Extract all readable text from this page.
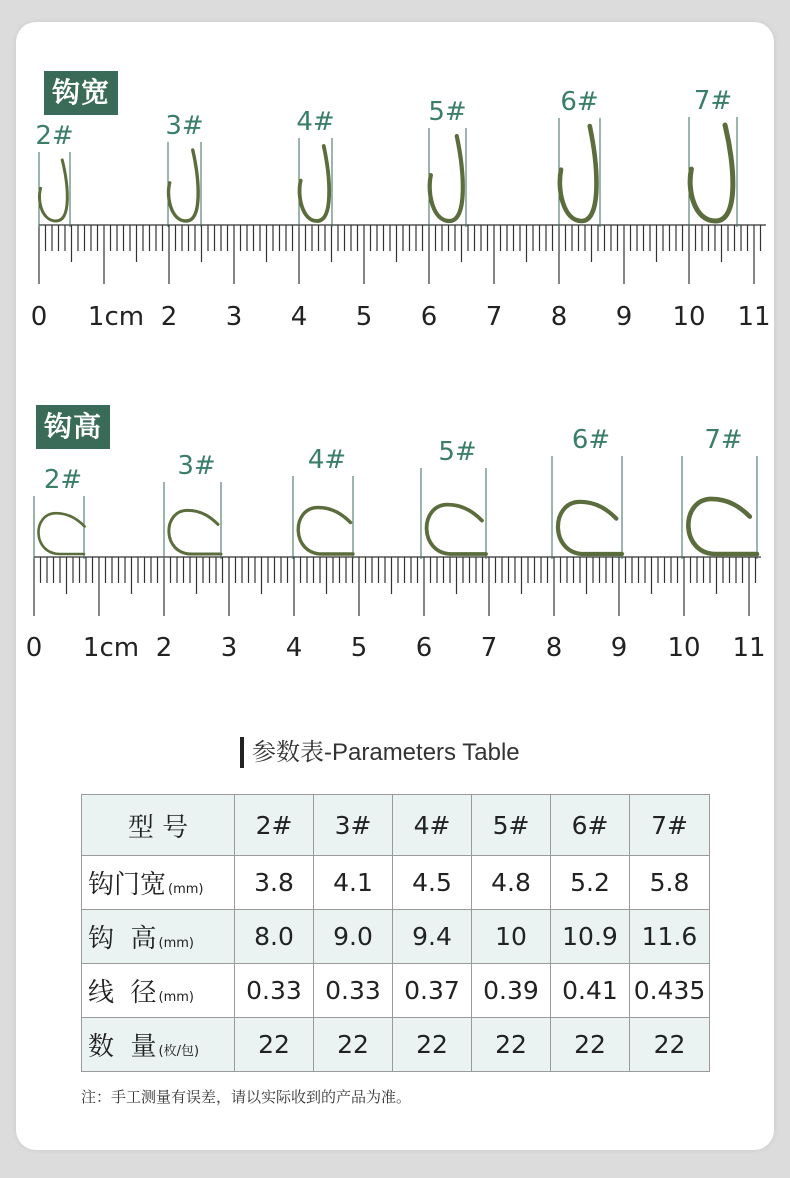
钩宽
0 1cm 2 3 4 5 6 7 8 9 10 11
2#	3#	4#	5#	6#	7#
钩高
0 1cm 2 3 4 5 6 7 8 9 10 11
2#	3#	4#	5#	6#	7#
参数表-Parameters Table
型 号	2#	3#	4#	5#	6#	7#
钩门宽 (mm)	3.8	4.1	4.5	4.8	5.2	5.8
钩  高 (mm)	8.0	9.0	9.4	10	10.9	11.6
线  径 (mm)	0.33	0.33	0.37	0.39	0.41	0.435
数  量 (枚/包)	22	22	22	22	22	22
注：手工测量有误差，请以实际收到的产品为准。
